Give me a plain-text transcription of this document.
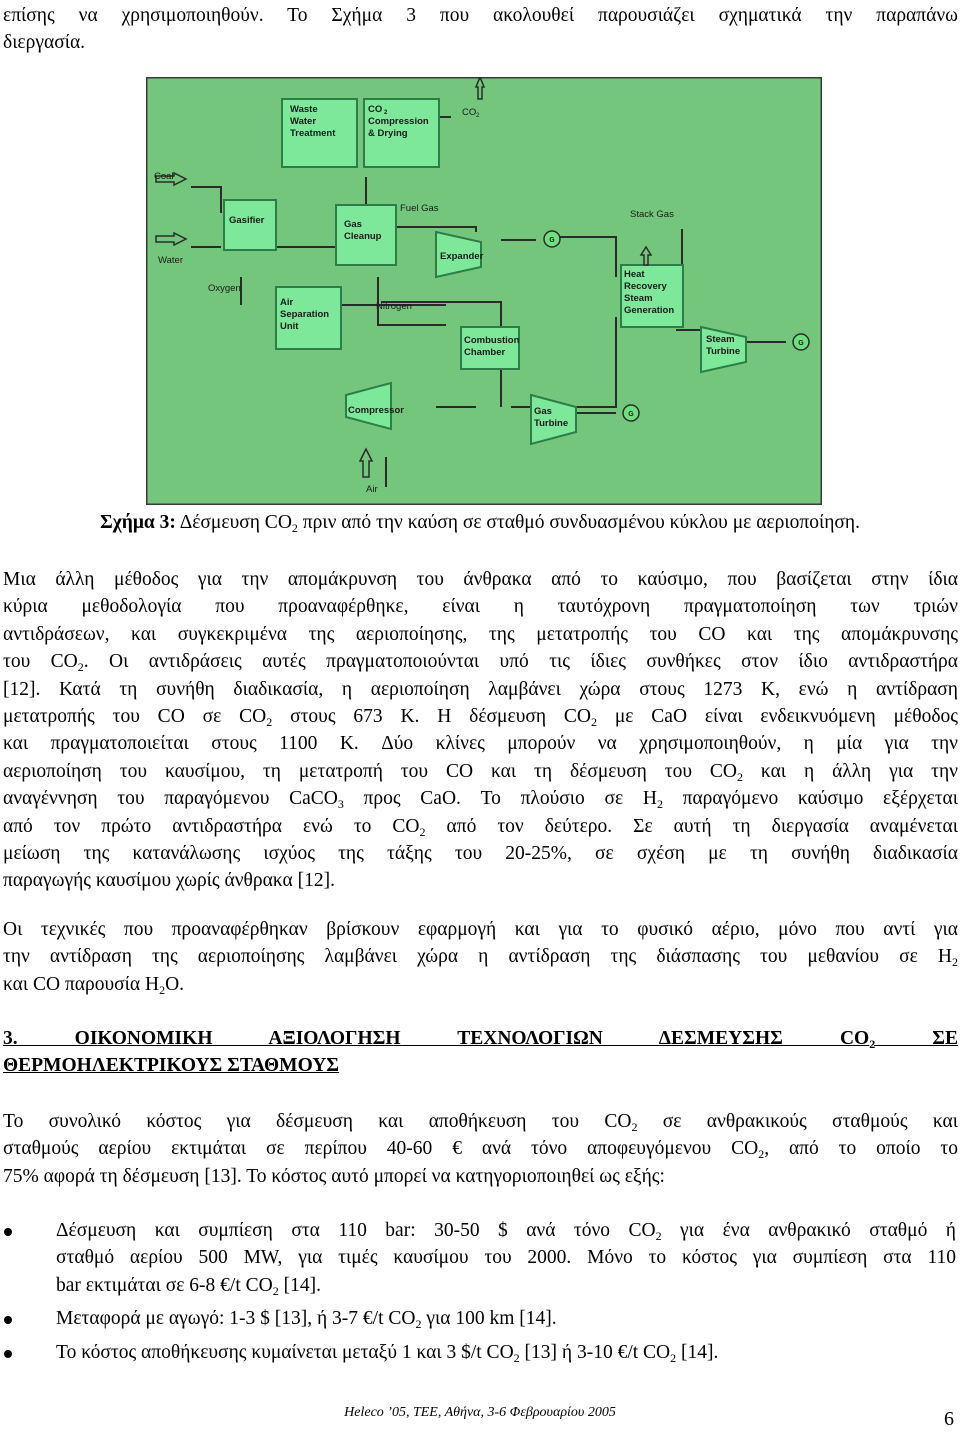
επίσης να χρησιμοποιηθούν. Το Σχήμα 3 που ακολουθεί παρουσιάζει σχηματικά την παραπάνω
διεργασία.

G
G
G
Coal
Water
Oxygen
Fuel Gas
Stack Gas
Nitrogen
Air
CO 2
Waste
Water
Treatment
CO 2
Compression
& Drying
Gasifier	Gas
Cleanup
Expander
Air
Separation
Unit
Heat
Recovery
Steam
Generation
Combustion
Chamber
Steam
Turbine
Compressor	Gas
Turbine
Σχήμα 3: Δέσμευση $CO_2$ πριν από την καύση σε σταθμό συνδυασμένου κύκλου με αεριοποίηση.

Μια άλλη μέθοδος για την απομάκρυνση του άνθρακα από το καύσιμο, που βασίζεται στην ίδια
κύρια μεθοδολογία που προαναφέρθηκε, είναι η ταυτόχρονη πραγματοποίηση των τριών
αντιδράσεων, και συγκεκριμένα της αεριοποίησης, της μετατροπής του CO και της απομάκρυνσης
του $CO_2$. Οι αντιδράσεις αυτές πραγματοποιούνται υπό τις ίδιες συνθήκες στον ίδιο αντιδραστήρα
[12]. Κατά τη συνήθη διαδικασία, η αεριοποίηση λαμβάνει χώρα στους 1273 K, ενώ η αντίδραση
μετατροπής του CO σε $CO_2$ στους 673 K. Η δέσμευση $CO_2$ με CaO είναι ενδεικνυόμενη μέθοδος
και πραγματοποιείται στους 1100 K. Δύο κλίνες μπορούν να χρησιμοποιηθούν, η μία για την
αεριοποίηση του καυσίμου, τη μετατροπή του CO και τη δέσμευση του $CO_2$ και η άλλη για την
αναγέννηση του παραγόμενου CaCO$_3$ προς CaO. Το πλούσιο σε $H_2$ παραγόμενο καύσιμο εξέρχεται
από τον πρώτο αντιδραστήρα ενώ το $CO_2$ από τον δεύτερο. Σε αυτή τη διεργασία αναμένεται
μείωση της κατανάλωσης ισχύος της τάξης του 20-25%, σε σχέση με τη συνήθη διαδικασία
παραγωγής καυσίμου χωρίς άνθρακα [12].

Οι τεχνικές που προαναφέρθηκαν βρίσκουν εφαρμογή και για το φυσικό αέριο, μόνο που αντί για
την αντίδραση της αεριοποίησης λαμβάνει χώρα η αντίδραση της διάσπασης του μεθανίου σε $H_2$
και CO παρουσία $H_2O$.

3. ΟΙΚΟΝΟΜΙΚΗ ΑΞΙΟΛΟΓΗΣΗ ΤΕΧΝΟΛΟΓΙΩΝ ΔΕΣΜΕΥΣΗΣ $CO_2$ ΣΕ
ΘΕΡΜΟΗΛΕΚΤΡΙΚΟΥΣ ΣΤΑΘΜΟΥΣ

Το συνολικό κόστος για δέσμευση και αποθήκευση του $CO_2$ σε ανθρακικούς σταθμούς και
σταθμούς αερίου εκτιμάται σε περίπου 40-60 € ανά τόνο αποφευγόμενου $CO_2$, από το οποίο το
75% αφορά τη δέσμευση [13]. Το κόστος αυτό μπορεί να κατηγοριοποιηθεί ως εξής:

Δέσμευση και συμπίεση στα 110 bar: 30-50 $ ανά τόνο $CO_2$ για ένα ανθρακικό σταθμό ή
σταθμό αερίου 500 MW, για τιμές καυσίμου του 2000. Μόνο το κόστος για συμπίεση στα 110
bar εκτιμάται σε 6-8 €/t $CO_2$ [14].
Μεταφορά με αγωγό: 1-3 $ [13], ή 3-7 €/t $CO_2$ για 100 km [14].
Το κόστος αποθήκευσης κυμαίνεται μεταξύ 1 και 3 $/t $CO_2$ [13] ή 3-10 €/t $CO_2$ [14].
Heleco ’05, ΤΕΕ, Αθήνα, 3-6 Φεβρουαρίου 2005	6
